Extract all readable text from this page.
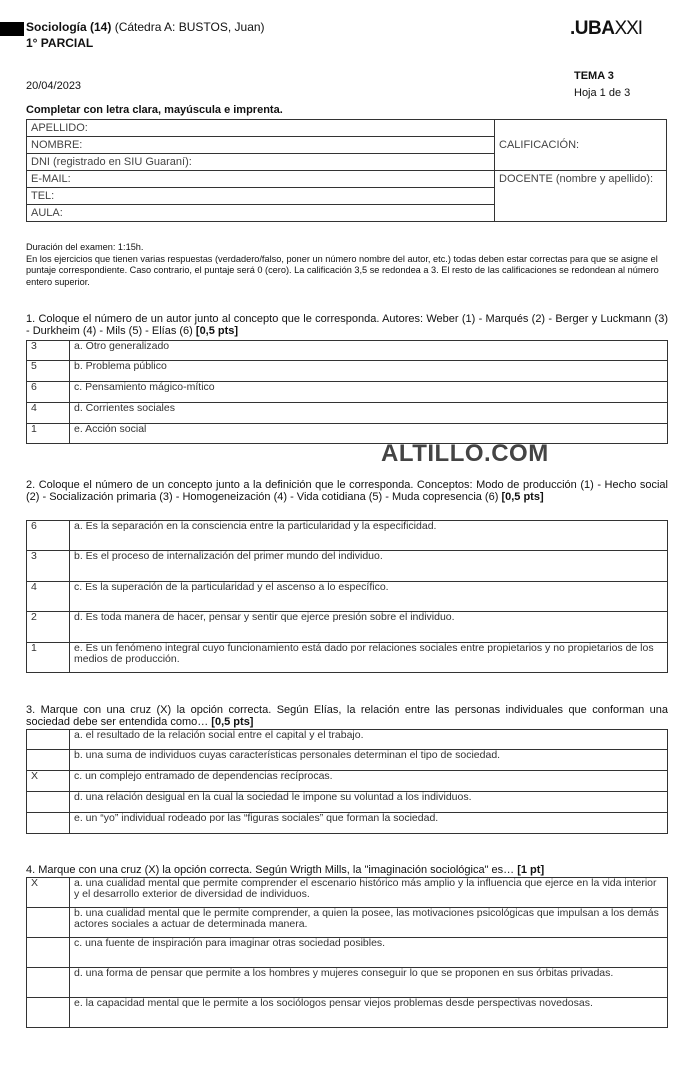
Sociología (14) (Cátedra A: BUSTOS, Juan)
1° PARCIAL
.UBAXXI
20/04/2023
TEMA 3
Hoja 1 de 3
Completar con letra clara, mayúscula e imprenta.
APELLIDO:	CALIFICACIÓN:
NOMBRE:	
DNI (registrado en SIU Guaraní):	
E-MAIL:	DOCENTE (nombre y apellido):
TEL:	
AULA:	
Duración del examen: 1:15h.
En los ejercicios que tienen varias respuestas (verdadero/falso, poner un número nombre del autor, etc.) todas deben estar correctas para que se asigne el puntaje correspondiente. Caso contrario, el puntaje será 0 (cero). La calificación 3,5 se redondea a 3. El resto de las calificaciones se redondean al número entero superior.
1. Coloque el número de un autor junto al concepto que le corresponda. Autores: Weber (1) - Marqués (2) - Berger y Luckmann (3) - Durkheim (4) - Mils (5) - Elías (6) [0,5 pts]
3	a. Otro generalizado
5	b. Problema público
6	c. Pensamiento mágico-mítico
4	d. Corrientes sociales
1	e. Acción social
ALTILLO.COM
2. Coloque el número de un concepto junto a la definición que le corresponda. Conceptos: Modo de producción (1) - Hecho social (2) - Socialización primaria (3) - Homogeneización (4) - Vida cotidiana (5) - Muda copresencia (6) [0,5 pts]
6	a. Es la separación en la consciencia entre la particularidad y la especificidad.
3	b. Es el proceso de internalización del primer mundo del individuo.
4	c. Es la superación de la particularidad y el ascenso a lo específico.
2	d. Es toda manera de hacer, pensar y sentir que ejerce presión sobre el individuo.
1	e. Es un fenómeno integral cuyo funcionamiento está dado por relaciones sociales entre propietarios y no propietarios de los medios de producción.
3. Marque con una cruz (X) la opción correcta. Según Elías, la relación entre las personas individuales que conforman una sociedad debe ser entendida como… [0,5 pts]
	a. el resultado de la relación social entre el capital y el trabajo.
	b. una suma de individuos cuyas características personales determinan el tipo de sociedad.
X	c. un complejo entramado de dependencias recíprocas.
	d. una relación desigual en la cual la sociedad le impone su voluntad a los individuos.
	e. un “yo” individual rodeado por las “figuras sociales” que forman la sociedad.
4. Marque con una cruz (X) la opción correcta. Según Wrigth Mills, la "imaginación sociológica" es… [1 pt]
X	a. una cualidad mental que permite comprender el escenario histórico más amplio y la influencia que ejerce en la vida interior y el desarrollo exterior de diversidad de individuos.
	b. una cualidad mental que le permite comprender, a quien la posee, las motivaciones psicológicas que impulsan a los demás actores sociales a actuar de determinada manera.
	c. una fuente de inspiración para imaginar otras sociedad posibles.
	d. una forma de pensar que permite a los hombres y mujeres conseguir lo que se proponen en sus órbitas privadas.
	e. la capacidad mental que le permite a los sociólogos pensar viejos problemas desde perspectivas novedosas.
